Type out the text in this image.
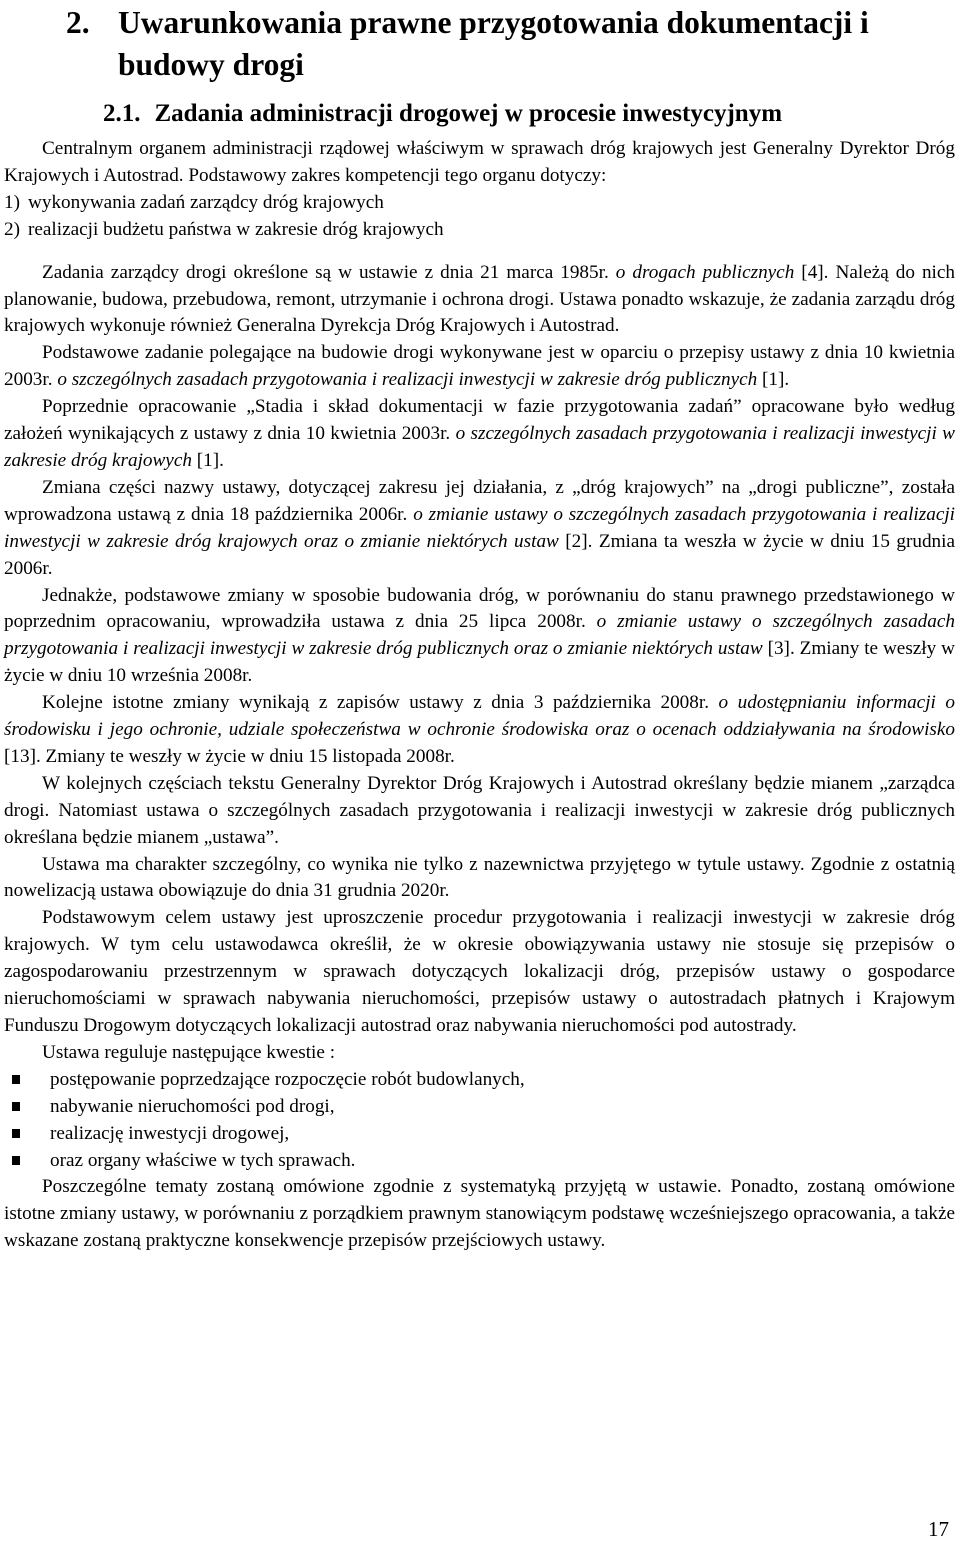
2. Uwarunkowania prawne przygotowania dokumentacji i budowy drogi
2.1. Zadania administracji drogowej w procesie inwestycyjnym

Centralnym organem administracji rządowej właściwym w sprawach dróg krajowych jest Generalny Dyrektor Dróg Krajowych i Autostrad. Podstawowy zakres kompetencji tego organu dotyczy:

1) wykonywania zadań zarządcy dróg krajowych
2) realizacji budżetu państwa w zakresie dróg krajowych

Zadania zarządcy drogi określone są w ustawie z dnia 21 marca 1985r. o drogach publicznych [4]. Należą do nich planowanie, budowa, przebudowa, remont, utrzymanie i ochrona drogi. Ustawa ponadto wskazuje, że zadania zarządu dróg krajowych wykonuje również Generalna Dyrekcja Dróg Krajowych i Autostrad.

Podstawowe zadanie polegające na budowie drogi wykonywane jest w oparciu o przepisy ustawy z dnia 10 kwietnia 2003r. o szczególnych zasadach przygotowania i realizacji inwestycji w zakresie dróg publicznych [1].

Poprzednie opracowanie „Stadia i skład dokumentacji w fazie przygotowania zadań” opracowane było według założeń wynikających z ustawy z dnia 10 kwietnia 2003r. o szczególnych zasadach przygotowania i realizacji inwestycji w zakresie dróg krajowych [1].

Zmiana części nazwy ustawy, dotyczącej zakresu jej działania, z „dróg krajowych” na „drogi publiczne”, została wprowadzona ustawą z dnia 18 października 2006r. o zmianie ustawy o szczególnych zasadach przygotowania i realizacji inwestycji w zakresie dróg krajowych oraz o zmianie niektórych ustaw [2]. Zmiana ta weszła w życie w dniu 15 grudnia 2006r.

Jednakże, podstawowe zmiany w sposobie budowania dróg, w porównaniu do stanu prawnego przedstawionego w poprzednim opracowaniu, wprowadziła ustawa z dnia 25 lipca 2008r. o zmianie ustawy o szczególnych zasadach przygotowania i realizacji inwestycji w zakresie dróg publicznych oraz o zmianie niektórych ustaw [3]. Zmiany te weszły w życie w dniu 10 września 2008r.

Kolejne istotne zmiany wynikają z zapisów ustawy z dnia 3 października 2008r. o udostępnianiu informacji o środowisku i jego ochronie, udziale społeczeństwa w ochronie środowiska oraz o ocenach oddziaływania na środowisko [13]. Zmiany te weszły w życie w dniu 15 listopada 2008r.

W kolejnych częściach tekstu Generalny Dyrektor Dróg Krajowych i Autostrad określany będzie mianem „zarządca drogi. Natomiast ustawa o szczególnych zasadach przygotowania i realizacji inwestycji w zakresie dróg publicznych określana będzie mianem „ustawa”.

Ustawa ma charakter szczególny, co wynika nie tylko z nazewnictwa przyjętego w tytule ustawy. Zgodnie z ostatnią nowelizacją ustawa obowiązuje do dnia 31 grudnia 2020r.

Podstawowym celem ustawy jest uproszczenie procedur przygotowania i realizacji inwestycji w zakresie dróg krajowych. W tym celu ustawodawca określił, że w okresie obowiązywania ustawy nie stosuje się przepisów o zagospodarowaniu przestrzennym w sprawach dotyczących lokalizacji dróg, przepisów ustawy o gospodarce nieruchomościami w sprawach nabywania nieruchomości, przepisów ustawy o autostradach płatnych i Krajowym Funduszu Drogowym dotyczących lokalizacji autostrad oraz nabywania nieruchomości pod autostrady.

Ustawa reguluje następujące kwestie :

postępowanie poprzedzające rozpoczęcie robót budowlanych,
nabywanie nieruchomości pod drogi,
realizację inwestycji drogowej,
oraz organy właściwe w tych sprawach.

Poszczególne tematy zostaną omówione zgodnie z systematyką przyjętą w ustawie. Ponadto, zostaną omówione istotne zmiany ustawy, w porównaniu z porządkiem prawnym stanowiącym podstawę wcześniejszego opracowania, a także wskazane zostaną praktyczne konsekwencje przepisów przejściowych ustawy.

17
